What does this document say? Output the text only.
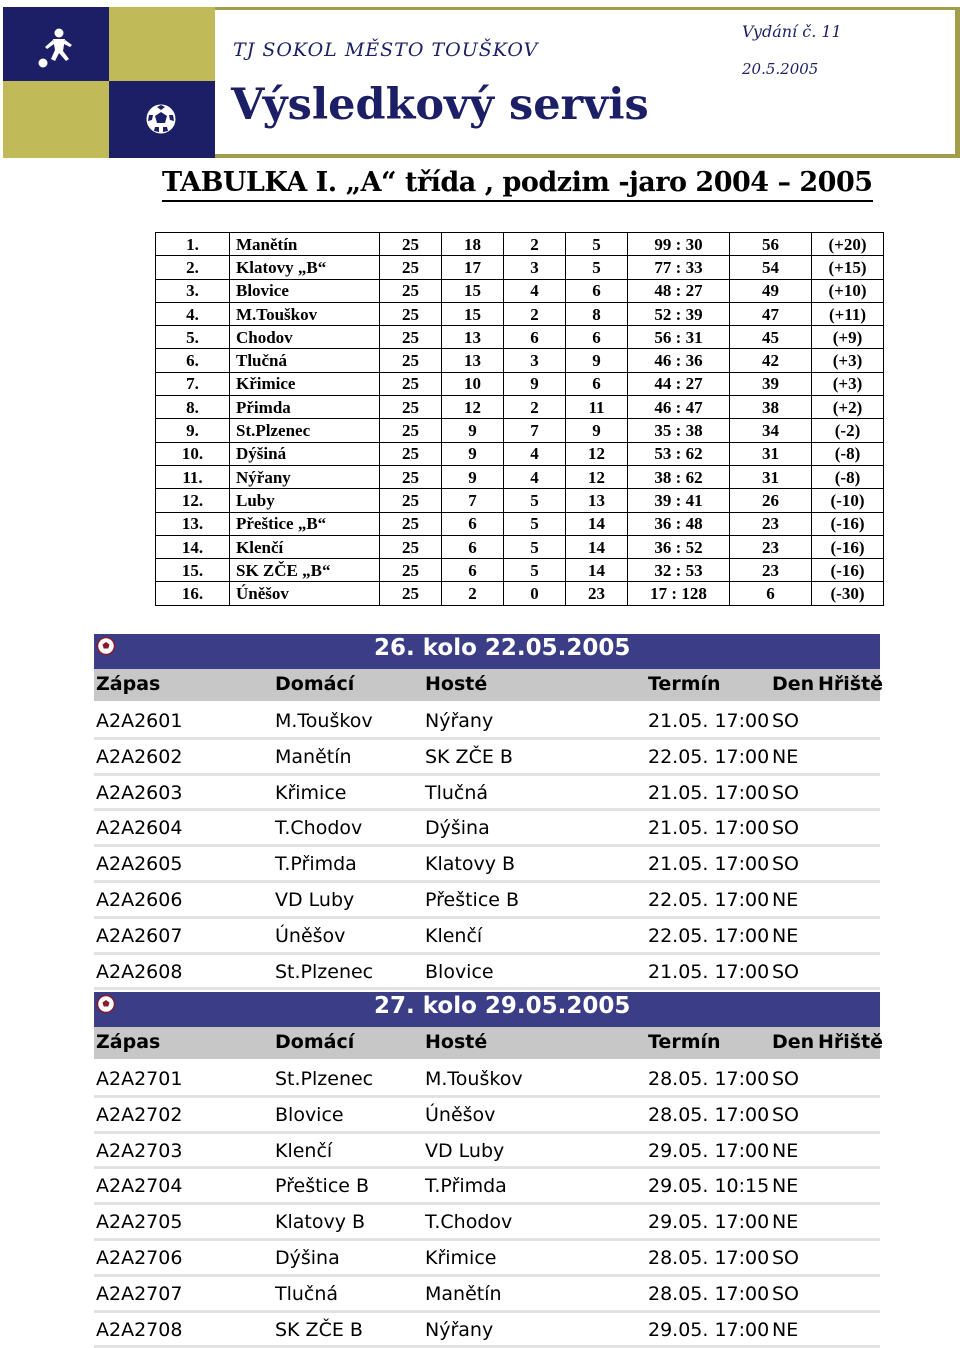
TJ SOKOL MĚSTO TOUŠKOV
Výsledkový servis
Vydání č. 11
20.5.2005
TABULKA I. „A“ třída , podzim -jaro 2004 – 2005
1.	Manětín	25	18	2	5	99 : 30	56	(+20)
2.	Klatovy „B“	25	17	3	5	77 : 33	54	(+15)
3.	Blovice	25	15	4	6	48 : 27	49	(+10)
4.	M.Touškov	25	15	2	8	52 : 39	47	(+11)
5.	Chodov	25	13	6	6	56 : 31	45	(+9)
6.	Tlučná	25	13	3	9	46 : 36	42	(+3)
7.	Křimice	25	10	9	6	44 : 27	39	(+3)
8.	Přimda	25	12	2	11	46 : 47	38	(+2)
9.	St.Plzenec	25	9	7	9	35 : 38	34	(-2)
10.	Dýšiná	25	9	4	12	53 : 62	31	(-8)
11.	Nýřany	25	9	4	12	38 : 62	31	(-8)
12.	Luby	25	7	5	13	39 : 41	26	(-10)
13.	Přeštice „B“	25	6	5	14	36 : 48	23	(-16)
14.	Klenčí	25	6	5	14	36 : 52	23	(-16)
15.	SK ZČE „B“	25	6	5	14	32 : 53	23	(-16)
16.	Úněšov	25	2	0	23	17 : 128	6	(-30)
26. kolo 22.05.2005
Zápas	Domácí	Hosté	Termín	Den Hřiště
A2A2601	M.Touškov	Nýřany	21.05. 17:00 SO
A2A2602	Manětín	SK ZČE B	22.05. 17:00 NE
A2A2603	Křimice	Tlučná	21.05. 17:00 SO
A2A2604	T.Chodov	Dýšina	21.05. 17:00 SO
A2A2605	T.Přimda	Klatovy B	21.05. 17:00 SO
A2A2606	VD Luby	Přeštice B	22.05. 17:00 NE
A2A2607	Úněšov	Klenčí	22.05. 17:00 NE
A2A2608	St.Plzenec	Blovice	21.05. 17:00 SO
27. kolo 29.05.2005
Zápas	Domácí	Hosté	Termín	Den Hřiště
A2A2701	St.Plzenec	M.Touškov	28.05. 17:00 SO
A2A2702	Blovice	Úněšov	28.05. 17:00 SO
A2A2703	Klenčí	VD Luby	29.05. 17:00 NE
A2A2704	Přeštice B	T.Přimda	29.05. 10:15 NE
A2A2705	Klatovy B	T.Chodov	29.05. 17:00 NE
A2A2706	Dýšina	Křimice	28.05. 17:00 SO
A2A2707	Tlučná	Manětín	28.05. 17:00 SO
A2A2708	SK ZČE B	Nýřany	29.05. 17:00 NE
